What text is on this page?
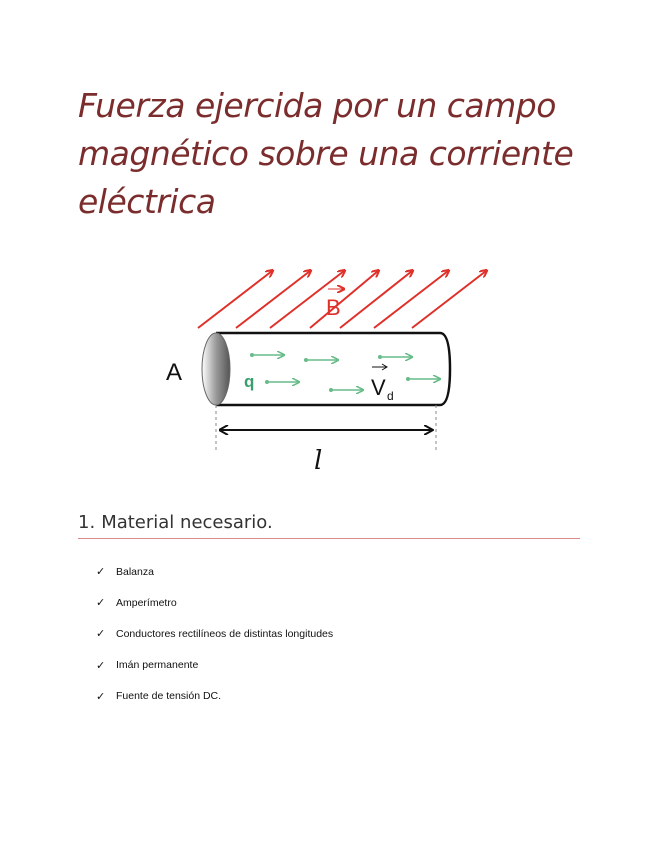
Fuerza ejercida por un campo magnético sobre una corriente eléctrica
B
A	q	V d
l
1. Material necesario.
✓	Balanza
✓	Amperímetro
✓	Conductores rectilíneos de distintas longitudes
✓	Imán permanente
✓	Fuente de tensión DC.
